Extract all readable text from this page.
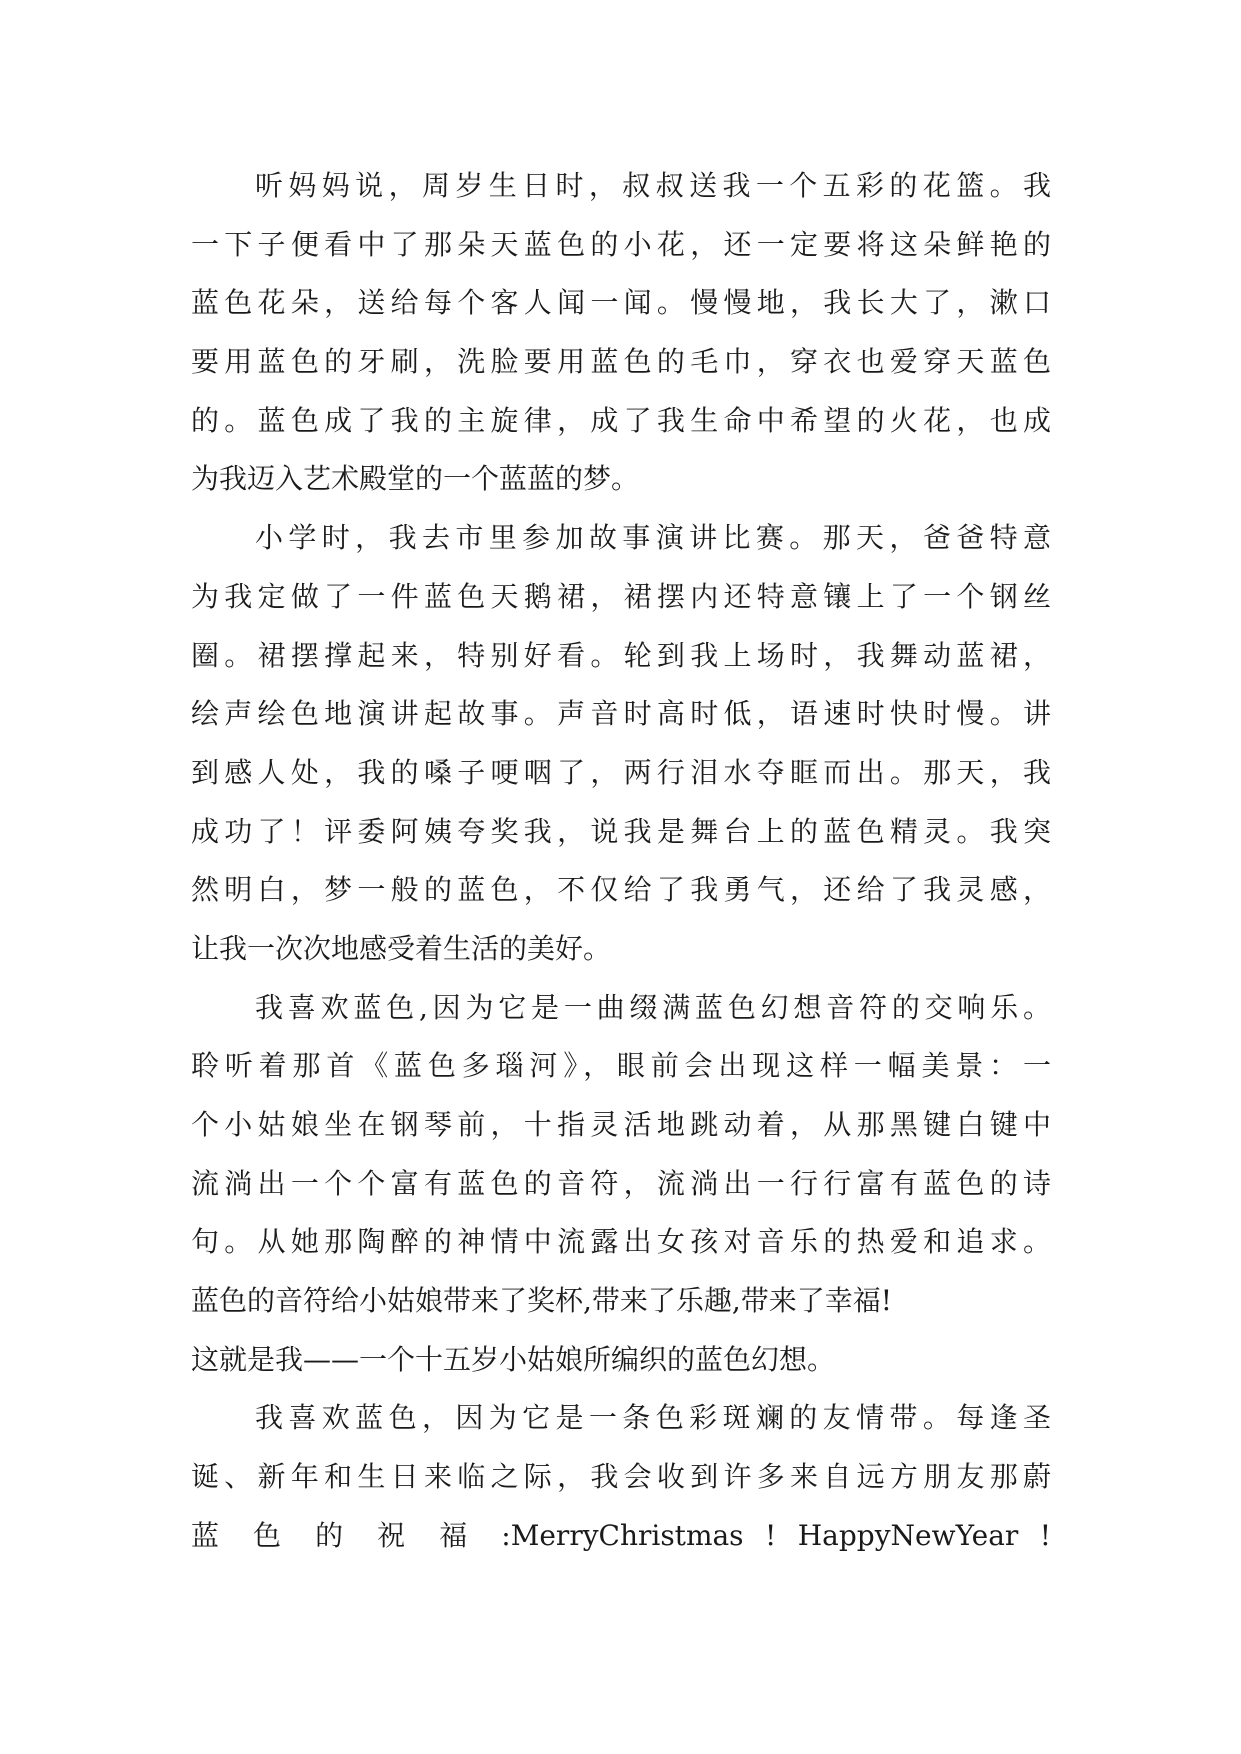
听妈妈说，周岁生日时，叔叔送我一个五彩的花篮。我
一下子便看中了那朵天蓝色的小花，还一定要将这朵鲜艳的
蓝色花朵，送给每个客人闻一闻。慢慢地，我长大了，漱口
要用蓝色的牙刷，洗脸要用蓝色的毛巾，穿衣也爱穿天蓝色
的。蓝色成了我的主旋律，成了我生命中希望的火花，也成
为我迈入艺术殿堂的一个蓝蓝的梦。
小学时，我去市里参加故事演讲比赛。那天，爸爸特意
为我定做了一件蓝色天鹅裙，裙摆内还特意镶上了一个钢丝
圈。裙摆撑起来，特别好看。轮到我上场时，我舞动蓝裙，
绘声绘色地演讲起故事。声音时高时低，语速时快时慢。讲
到感人处，我的嗓子哽咽了，两行泪水夺眶而出。那天，我
成功了！评委阿姨夸奖我，说我是舞台上的蓝色精灵。我突
然明白，梦一般的蓝色，不仅给了我勇气，还给了我灵感，
让我一次次地感受着生活的美好。
我喜欢蓝色,因为它是一曲缀满蓝色幻想音符的交响乐。
聆听着那首《蓝色多瑙河》，眼前会出现这样一幅美景：一
个小姑娘坐在钢琴前，十指灵活地跳动着，从那黑键白键中
流淌出一个个富有蓝色的音符，流淌出一行行富有蓝色的诗
句。从她那陶醉的神情中流露出女孩对音乐的热爱和追求。
蓝色的音符给小姑娘带来了奖杯,带来了乐趣,带来了幸福!
这就是我——一个十五岁小姑娘所编织的蓝色幻想。
我喜欢蓝色，因为它是一条色彩斑斓的友情带。每逢圣
诞、新年和生日来临之际，我会收到许多来自远方朋友那蔚
蓝 色 的 祝 福 :MerryChristmas ! HappyNewYear !
